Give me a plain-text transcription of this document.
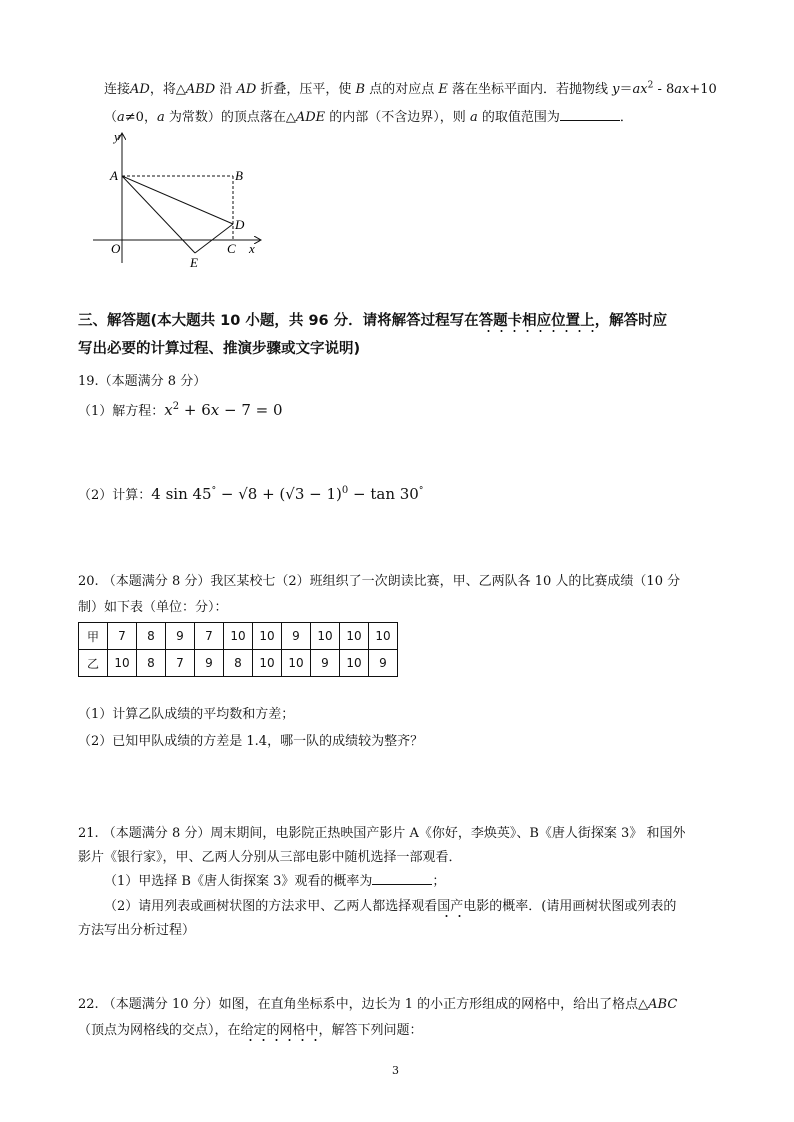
连接AD，将△ABD 沿 AD 折叠，压平，使 B 点的对应点 E 落在坐标平面内．若抛物线 $y=ax^2 - 8ax+10$
（a≠0，a 为常数）的顶点落在△ADE 的内部（不含边界），则 a 的取值范围为	．
y
A	B
D
O	C x
E
三、解答题(本大题共 10 小题，共 96 分．请将解答过程写在答题卡相应位置上，解答时应
写出必要的计算过程、推演步骤或文字说明)
19.（本题满分 8 分）
（1）解方程：$x^2 + 6x - 7 = 0$
（2）计算：4 $\sin 45^\circ - √8 + (√3 - 1)^0 - \tan 30^\circ$
20. （本题满分 8 分）我区某校七（2）班组织了一次朗读比赛，甲、乙两队各 10 人的比赛成绩（10 分
制）如下表（单位：分）：
甲	7	8	9	7	10	10	9	10	10	10
乙	10	8	7	9	8	10	10	9	10	9
（1）计算乙队成绩的平均数和方差；
（2）已知甲队成绩的方差是 1.4，哪一队的成绩较为整齐？
21. （本题满分 8 分）周末期间，电影院正热映国产影片 A《你好，李焕英》、B《唐人街探案 3》 和国外
影片《银行家》，甲、乙两人分别从三部电影中随机选择一部观看．
（1）甲选择 B《唐人街探案 3》观看的概率为	；
（2）请用列表或画树状图的方法求甲、乙两人都选择观看国产电影的概率．(请用画树状图或列表的
方法写出分析过程）
22. （本题满分 10 分）如图，在直角坐标系中，边长为 1 的小正方形组成的网格中，给出了格点△ABC
（顶点为网格线的交点），在给定的网格中，解答下列问题：
3
